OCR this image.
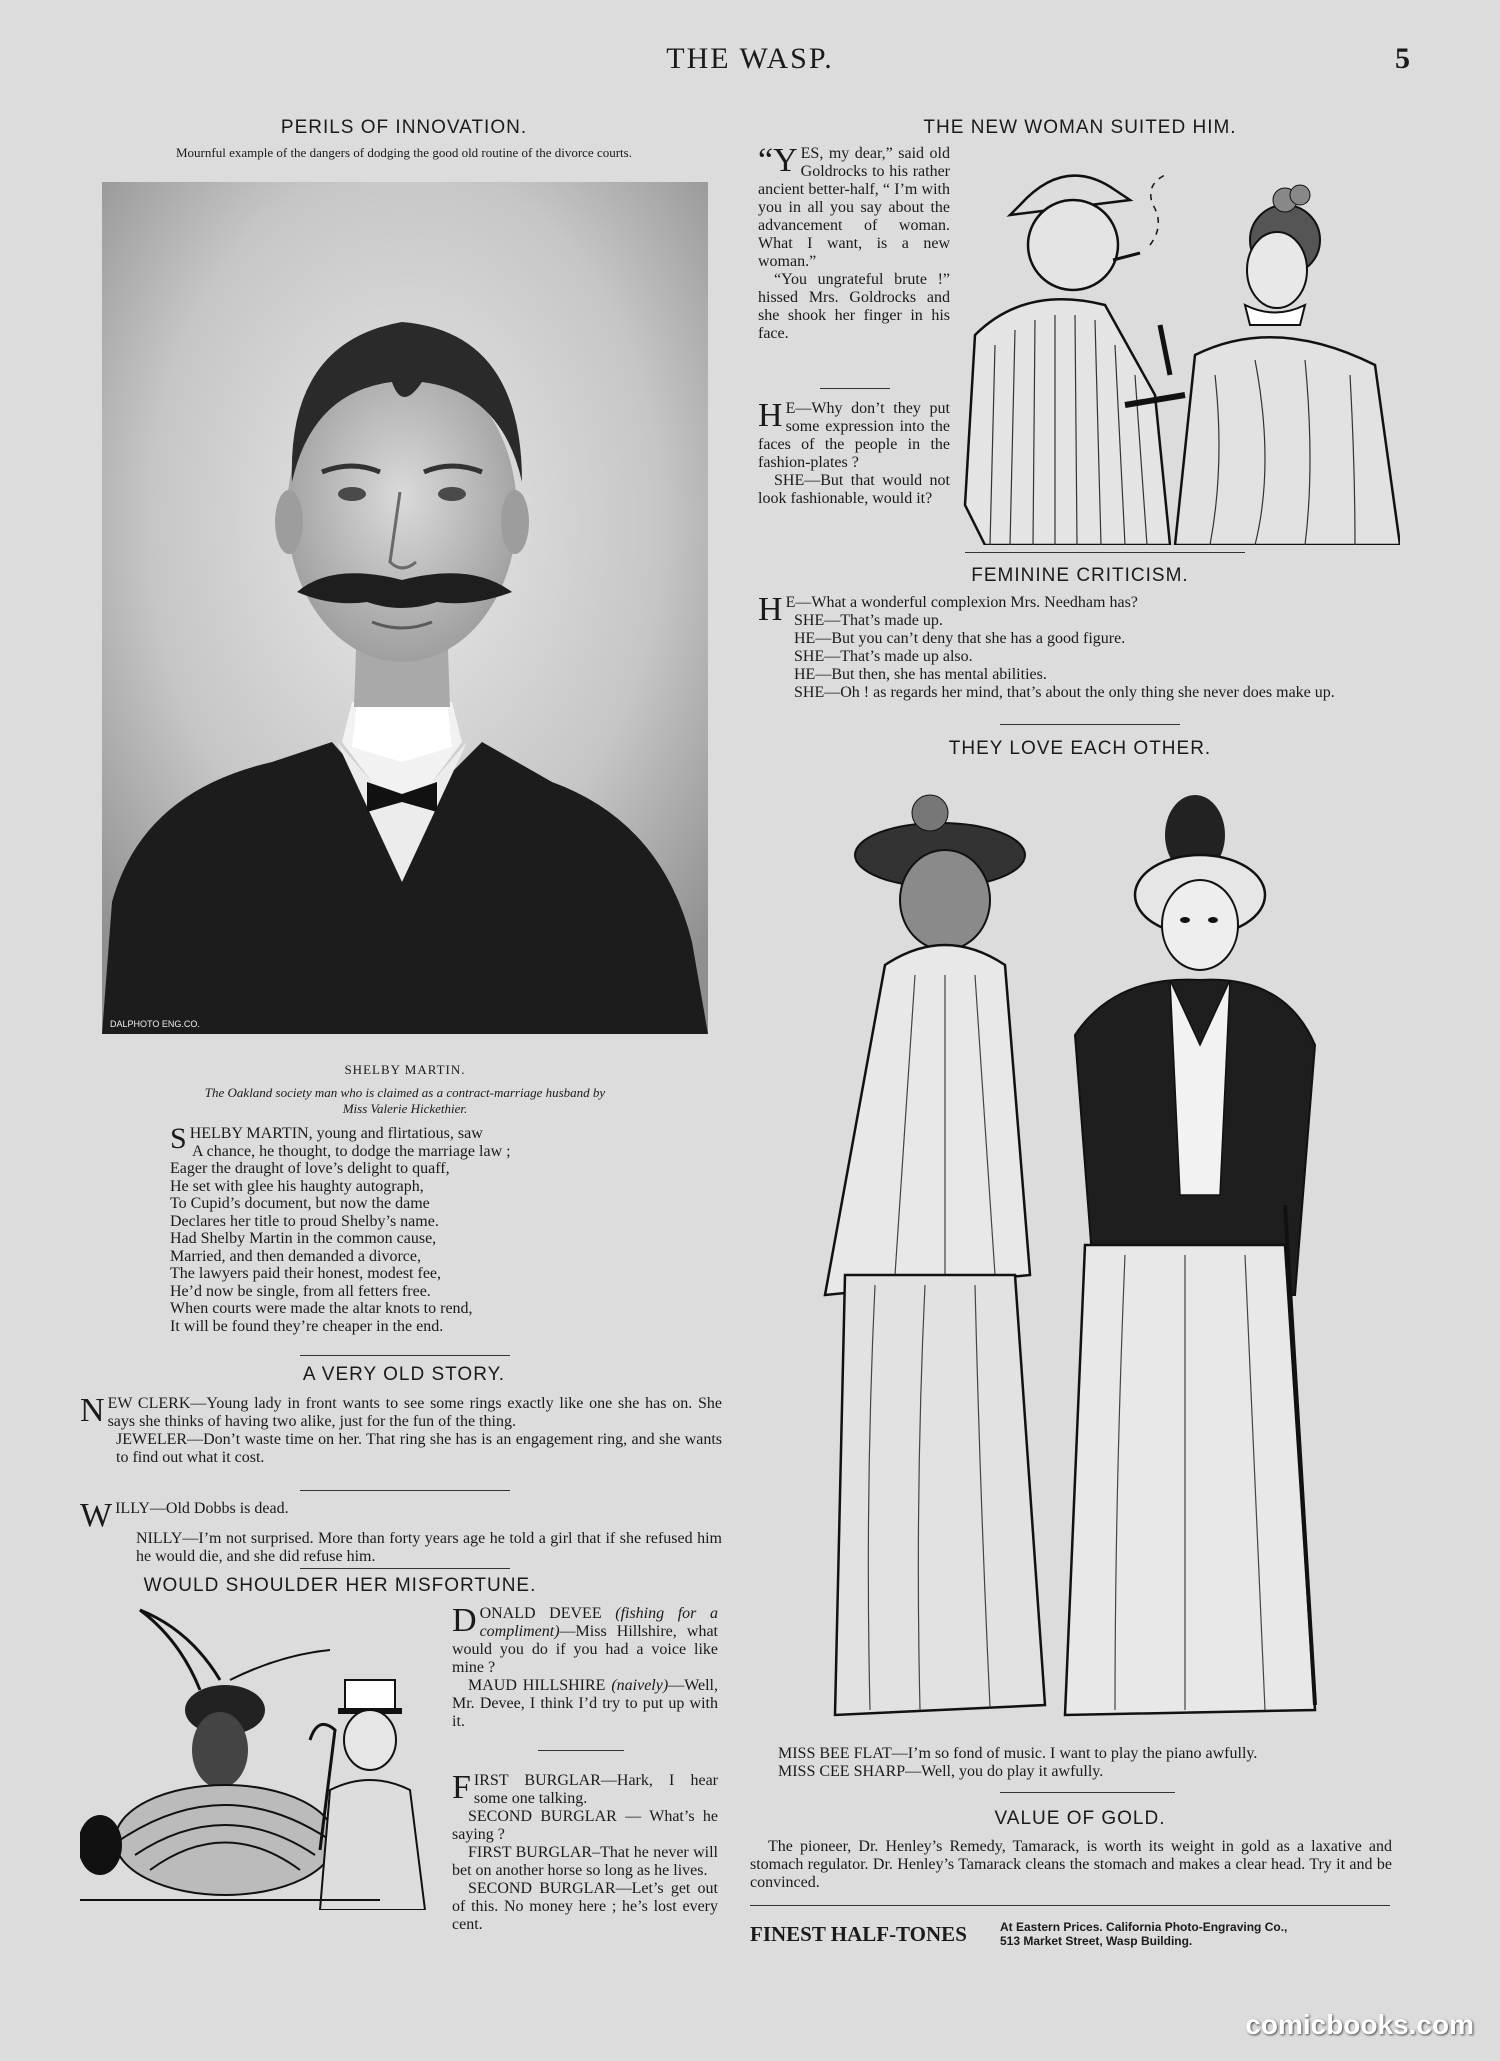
THE WASP.	5
PERILS OF INNOVATION.
Mournful example of the dangers of dodging the good old routine of the divorce courts.
DALPHOTO ENG.CO.
SHELBY MARTIN.
The Oakland society man who is claimed as a contract-marriage husband by
Miss Valerie Hickethier.
SHELBY MARTIN, young and flirtatious, saw
A chance, he thought, to dodge the marriage law ;
Eager the draught of love’s delight to quaff,
He set with glee his haughty autograph,
To Cupid’s document, but now the dame
Declares her title to proud Shelby’s name.
Had Shelby Martin in the common cause,
Married, and then demanded a divorce,
The lawyers paid their honest, modest fee,
He’d now be single, from all fetters free.
When courts were made the altar knots to rend,
It will be found they’re cheaper in the end.
A VERY OLD STORY.

NEW CLERK—Young lady in front wants to see some rings exactly like one she has on. She says she thinks of having two alike, just for the fun of the thing.

JEWELER—Don’t waste time on her. That ring she has is an engagement ring, and she wants to find out what it cost.

WILLY—Old Dobbs is dead.

NILLY—I’m not surprised. More than forty years age he told a girl that if she refused him he would die, and she did refuse him.

WOULD SHOULDER HER MISFORTUNE.

DONALD DEVEE (fishing for a compliment)—Miss Hillshire, what would you do if you had a voice like mine ?

MAUD HILLSHIRE (naively)—Well, Mr. Devee, I think I’d try to put up with it.

FIRST BURGLAR—Hark, I hear some one talking.

SECOND BURGLAR — What’s he saying ?

FIRST BURGLAR–That he never will bet on another horse so long as he lives.

SECOND BURGLAR—Let’s get out of this. No money here ; he’s lost every cent.

THE NEW WOMAN SUITED HIM.

“YES, my dear,” said old Goldrocks to his rather ancient better-half, “ I’m with you in all you say about the advancement of woman. What I want, is a new woman.”

“You ungrateful brute !” hissed Mrs. Goldrocks and she shook her finger in his face.

H E—Why don’t they put some expression into the faces of the people in the fashion-plates ?

SHE—But that would not look fashionable, would it?

FEMININE CRITICISM.

H E—What a wonderful complexion Mrs. Needham has?

SHE—That’s made up.

HE—But you can’t deny that she has a good figure.

SHE—That’s made up also.

HE—But then, she has mental abilities.

SHE—Oh ! as regards her mind, that’s about the only thing she never does make up.

THEY LOVE EACH OTHER.

MISS BEE FLAT—I’m so fond of music. I want to play the piano awfully.

MISS CEE SHARP—Well, you do play it awfully.

VALUE OF GOLD.
The pioneer, Dr. Henley’s Remedy, Tamarack, is worth its weight in gold as a laxative and stomach regulator. Dr. Henley’s Tamarack cleans the stomach and makes a clear head. Try it and be convinced.
FINEST HALF-TONES	At Eastern Prices. California Photo-Engraving Co.,
513 Market Street, Wasp Building.
comicbooks.com
